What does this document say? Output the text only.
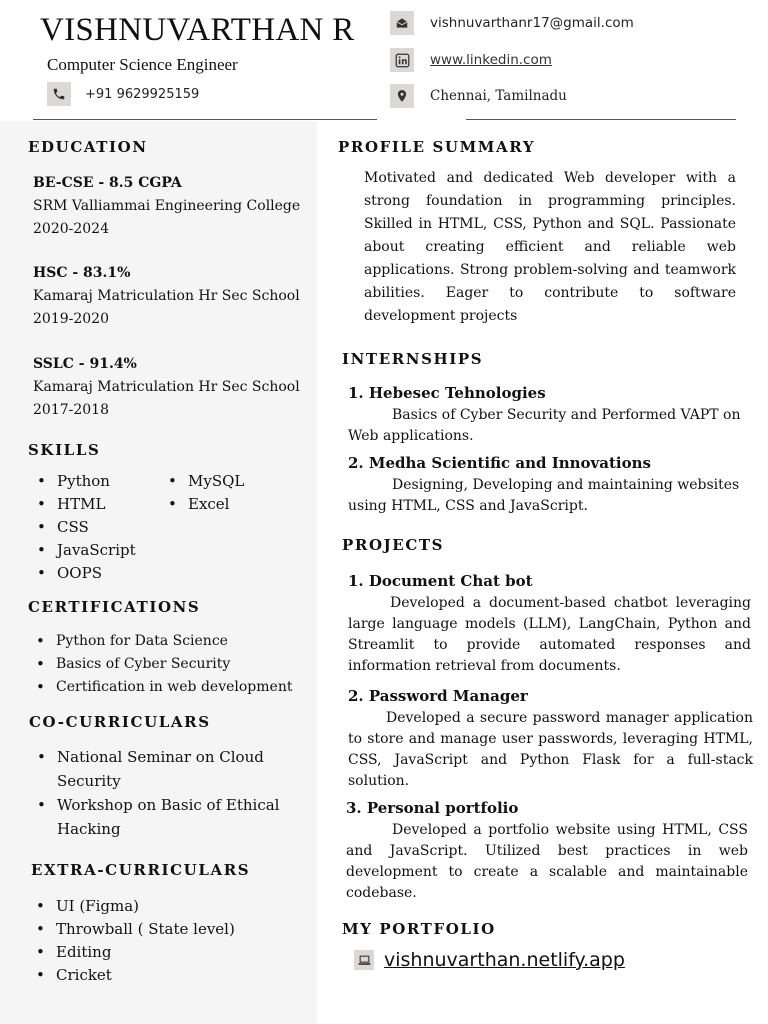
VISHNUVARTHAN R
Computer Science Engineer
+91 9629925159
vishnuvarthanr17@gmail.com
www.linkedin.com
Chennai, Tamilnadu
EDUCATION
BE-CSE - 8.5 CGPA
SRM Valliammai Engineering College
2020-2024
HSC - 83.1%
Kamaraj Matriculation Hr Sec School
2019-2020
SSLC - 91.4%
Kamaraj Matriculation Hr Sec School
2017-2018
SKILLS
• Python
• HTML
• CSS
• JavaScript
• OOPS
• MySQL
• Excel
CERTIFICATIONS
• Python for Data Science
• Basics of Cyber Security
• Certification in web development
CO-CURRICULARS
• National Seminar on Cloud Security
• Workshop on Basic of Ethical Hacking
EXTRA-CURRICULARS
• UI (Figma)
• Throwball ( State level)
• Editing
• Cricket
PROFILE SUMMARY
Motivated and dedicated Web developer with a strong foundation in programming principles. Skilled in HTML, CSS, Python and SQL. Passionate about creating efficient and reliable web applications. Strong problem-solving and teamwork abilities. Eager to contribute to software development projects
INTERNSHIPS
1. Hebesec Tehnologies
Basics of Cyber Security and Performed VAPT on Web applications.
2. Medha Scientific and Innovations
Designing, Developing and maintaining websites using HTML, CSS and JavaScript.
PROJECTS
1. Document Chat bot
Developed a document-based chatbot leveraging large language models (LLM), LangChain, Python and Streamlit to provide automated responses and information retrieval from documents.
2. Password Manager
Developed a secure password manager application to store and manage user passwords, leveraging HTML, CSS, JavaScript and Python Flask for a full-stack solution.
3. Personal portfolio
Developed a portfolio website using HTML, CSS and JavaScript. Utilized best practices in web development to create a scalable and maintainable codebase.
MY PORTFOLIO
vishnuvarthan.netlify.app
